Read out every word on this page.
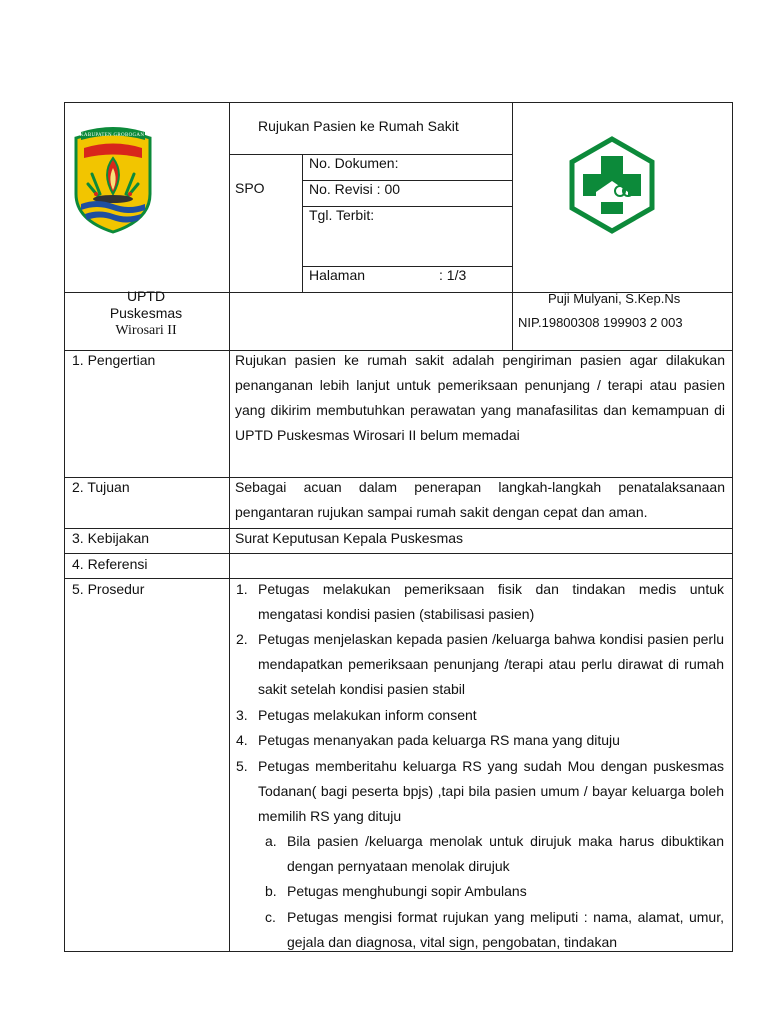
KABUPATEN GROBOGAN
Rujukan Pasien ke Rumah Sakit
SPO
No. Dokumen:
No. Revisi : 00
Tgl. Terbit:
Halaman	: 1/3
UPTD
Puskesmas
Wirosari II
Puji Mulyani, S.Kep.Ns
NIP.19800308 199903 2 003
1. Pengertian	Rujukan pasien ke rumah sakit adalah pengiriman pasien agar dilakukan penanganan lebih lanjut untuk pemeriksaan penunjang / terapi atau pasien yang dikirim membutuhkan perawatan yang manafasilitas dan kemampuan di UPTD Puskesmas Wirosari II belum memadai
2. Tujuan	Sebagai acuan dalam penerapan langkah-langkah penatalaksanaan pengantaran rujukan sampai rumah sakit dengan cepat dan aman.
3. Kebijakan	Surat Keputusan Kepala Puskesmas
4. Referensi
5. Prosedur	1. Petugas melakukan pemeriksaan fisik dan tindakan medis untuk mengatasi kondisi pasien (stabilisasi pasien)
2. Petugas menjelaskan kepada pasien /keluarga bahwa kondisi pasien perlu mendapatkan pemeriksaan penunjang /terapi atau perlu dirawat di rumah sakit setelah kondisi pasien stabil
3. Petugas melakukan inform consent
4. Petugas menanyakan pada keluarga RS mana yang dituju
5. Petugas memberitahu keluarga RS yang sudah Mou dengan puskesmas Todanan( bagi peserta bpjs) ,tapi bila pasien umum / bayar keluarga boleh memilih RS yang dituju
a. Bila pasien /keluarga menolak untuk dirujuk maka harus dibuktikan dengan pernyataan menolak dirujuk
b. Petugas menghubungi sopir Ambulans
c. Petugas mengisi format rujukan yang meliputi : nama, alamat, umur, gejala dan diagnosa, vital sign, pengobatan, tindakan
